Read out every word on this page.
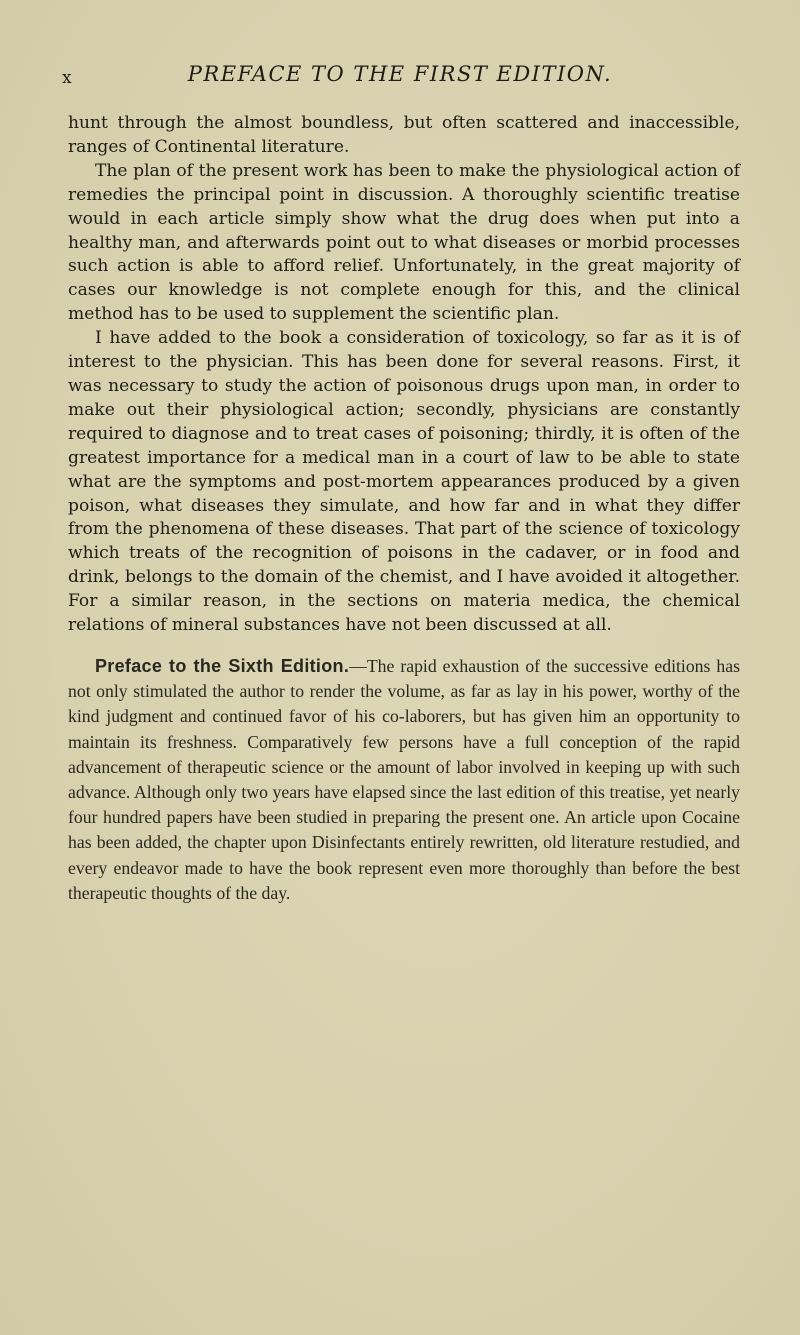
x	PREFACE TO THE FIRST EDITION.

hunt through the almost boundless, but often scattered and inaccessible, ranges of Continental literature.

The plan of the present work has been to make the physiological action of remedies the principal point in discussion. A thoroughly scientific treatise would in each article simply show what the drug does when put into a healthy man, and afterwards point out to what diseases or morbid processes such action is able to afford relief. Unfortunately, in the great majority of cases our knowledge is not complete enough for this, and the clinical method has to be used to supplement the scientific plan.

I have added to the book a consideration of toxicology, so far as it is of interest to the physician. This has been done for several reasons. First, it was necessary to study the action of poisonous drugs upon man, in order to make out their physiological action; secondly, physicians are constantly required to diagnose and to treat cases of poisoning; thirdly, it is often of the greatest importance for a medical man in a court of law to be able to state what are the symptoms and post-mortem appearances produced by a given poison, what diseases they simulate, and how far and in what they differ from the phenomena of these diseases. That part of the science of toxicology which treats of the recognition of poisons in the cadaver, or in food and drink, belongs to the domain of the chemist, and I have avoided it altogether. For a similar reason, in the sections on materia medica, the chemical relations of mineral substances have not been discussed at all.

Preface to the Sixth Edition.—The rapid exhaustion of the successive editions has not only stimulated the author to render the volume, as far as lay in his power, worthy of the kind judgment and continued favor of his co-laborers, but has given him an opportunity to maintain its freshness. Comparatively few persons have a full conception of the rapid advancement of therapeutic science or the amount of labor involved in keeping up with such advance. Although only two years have elapsed since the last edition of this treatise, yet nearly four hundred papers have been studied in preparing the present one. An article upon Cocaine has been added, the chapter upon Disinfectants entirely rewritten, old literature restudied, and every endeavor made to have the book represent even more thoroughly than before the best therapeutic thoughts of the day.
